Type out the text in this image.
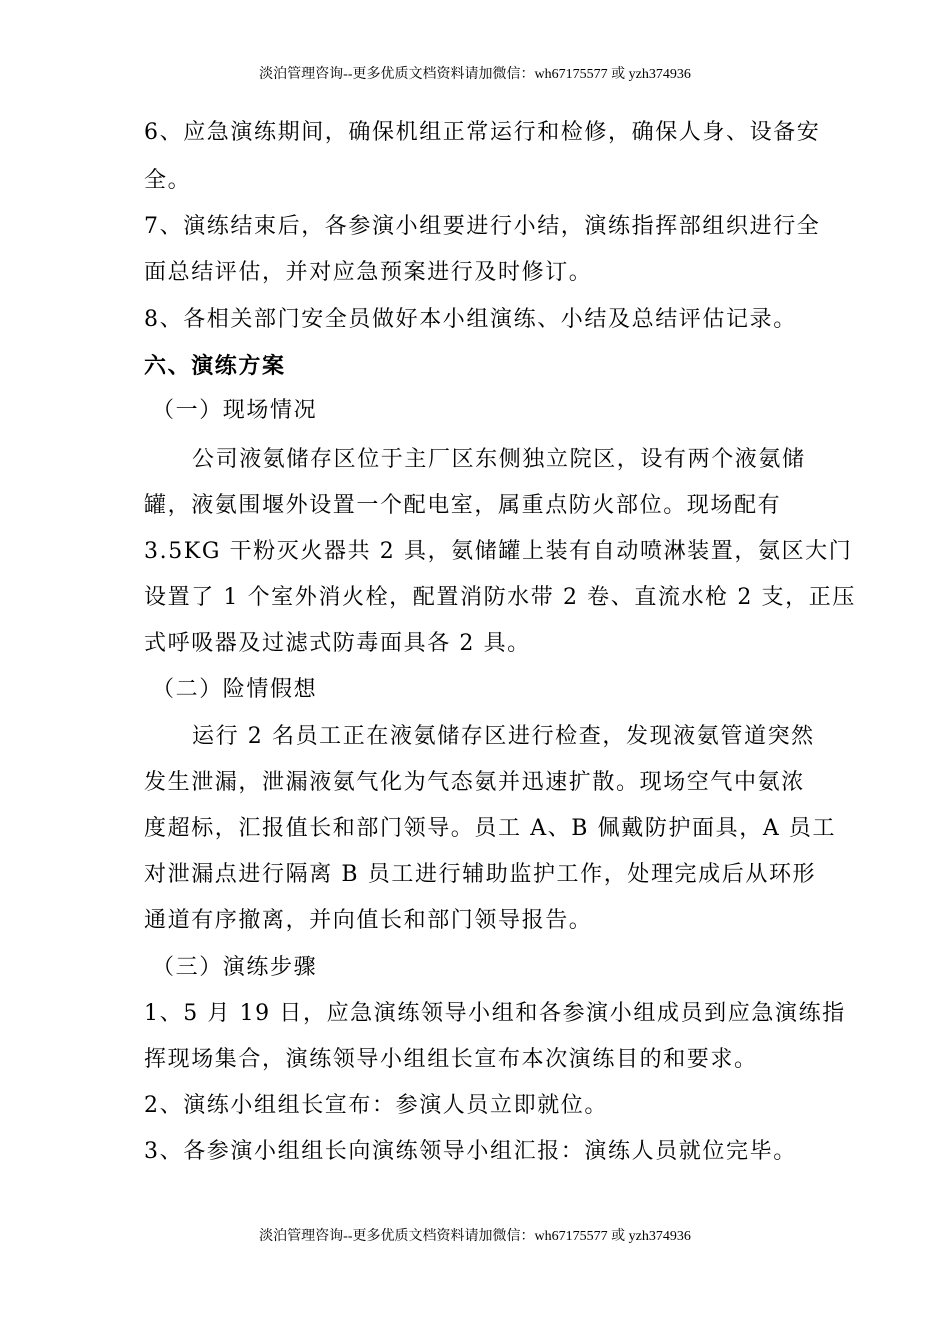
淡泊管理咨询--更多优质文档资料请加微信：wh67175577 或 yzh374936
6、应急演练期间，确保机组正常运行和检修，确保人身、设备安
全。
7、演练结束后，各参演小组要进行小结，演练指挥部组织进行全
面总结评估，并对应急预案进行及时修订。
8、各相关部门安全员做好本小组演练、小结及总结评估记录。
六、演练方案
（一）现场情况
公司液氨储存区位于主厂区东侧独立院区，设有两个液氨储
罐，液氨围堰外设置一个配电室，属重点防火部位。现场配有
3.5KG 干粉灭火器共 2 具，氨储罐上装有自动喷淋装置，氨区大门
设置了 1 个室外消火栓，配置消防水带 2 卷、直流水枪 2 支，正压
式呼吸器及过滤式防毒面具各 2 具。
（二）险情假想
运行 2 名员工正在液氨储存区进行检查，发现液氨管道突然
发生泄漏，泄漏液氨气化为气态氨并迅速扩散。现场空气中氨浓
度超标，汇报值长和部门领导。员工 A、B 佩戴防护面具，A 员工
对泄漏点进行隔离 B 员工进行辅助监护工作，处理完成后从环形
通道有序撤离，并向值长和部门领导报告。
（三）演练步骤
1、5 月 19 日，应急演练领导小组和各参演小组成员到应急演练指
挥现场集合，演练领导小组组长宣布本次演练目的和要求。
2、演练小组组长宣布：参演人员立即就位。
3、各参演小组组长向演练领导小组汇报：演练人员就位完毕。
淡泊管理咨询--更多优质文档资料请加微信：wh67175577 或 yzh374936
